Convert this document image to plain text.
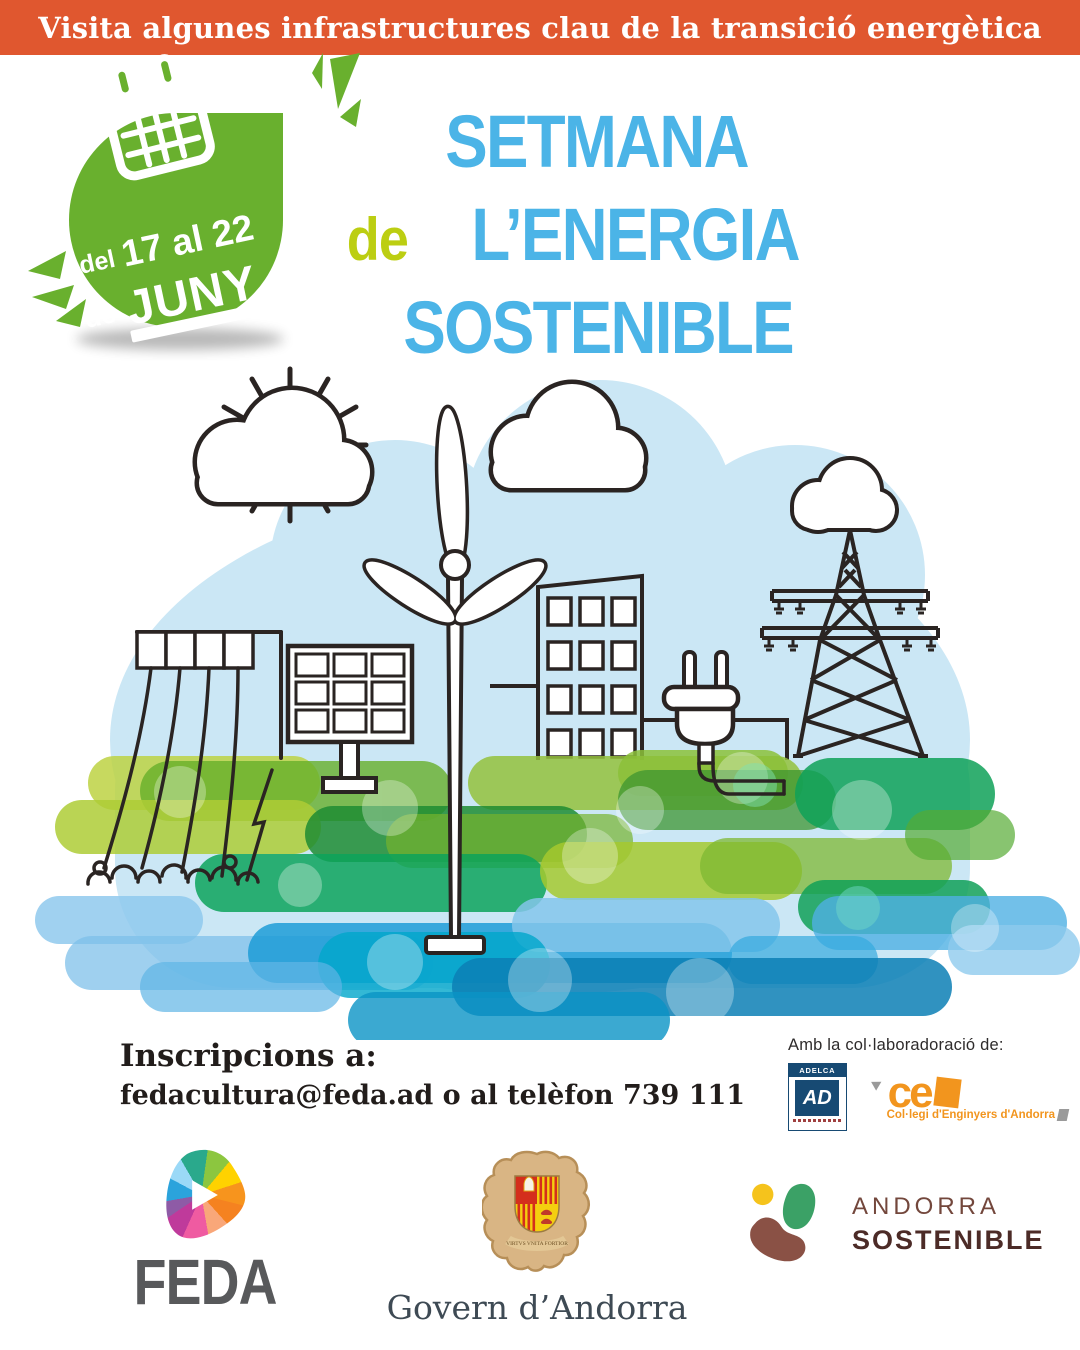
Visita algunes infrastructures clau de la transició energètica
del 17 al 22
de JUNY
SETMANA
de L’ENERGIA
SOSTENIBLE
Inscripcions a:
fedacultura@feda.ad o al telèfon 739 111
Amb la col·laboradoració de:
ADELCA
AD ce
Col·legi d'Enginyers d'Andorra
FEDA
VIRTVS VNITA FORTIOR
Govern d’Andorra
ANDORRA
SOSTENIBLE
